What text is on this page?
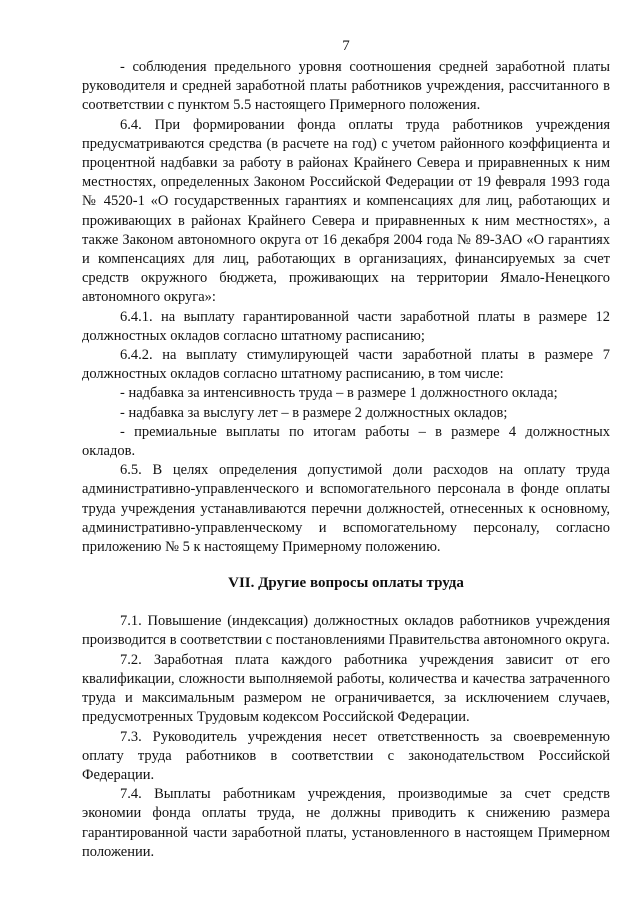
7

- соблюдения предельного уровня соотношения средней заработной платы руководителя и средней заработной платы работников учреждения, рассчитанного в соответствии с пунктом 5.5 настоящего Примерного положения.

6.4. При формировании фонда оплаты труда работников учреждения предусматриваются средства (в расчете на год) с учетом районного коэффициента и процентной надбавки за работу в районах Крайнего Севера и приравненных к ним местностях, определенных Законом Российской Федерации от 19 февраля 1993 года № 4520-1 «О государственных гарантиях и компенсациях для лиц, работающих и проживающих в районах Крайнего Севера и приравненных к ним местностях», а также Законом автономного округа от 16 декабря 2004 года № 89-ЗАО «О гарантиях и компенсациях для лиц, работающих в организациях, финансируемых за счет средств окружного бюджета, проживающих на территории Ямало-Ненецкого автономного округа»:

6.4.1. на выплату гарантированной части заработной платы в размере 12 должностных окладов согласно штатному расписанию;

6.4.2. на выплату стимулирующей части заработной платы в размере 7 должностных окладов согласно штатному расписанию, в том числе:

- надбавка за интенсивность труда – в размере 1 должностного оклада;

- надбавка за выслугу лет – в размере 2 должностных окладов;

- премиальные выплаты по итогам работы – в размере 4 должностных окладов.

6.5. В целях определения допустимой доли расходов на оплату труда административно-управленческого и вспомогательного персонала в фонде оплаты труда учреждения устанавливаются перечни должностей, отнесенных к основному, административно-управленческому и вспомогательному персоналу, согласно приложению № 5 к настоящему Примерному положению.

VII. Другие вопросы оплаты труда

7.1. Повышение (индексация) должностных окладов работников учреждения производится в соответствии с постановлениями Правительства автономного округа.

7.2. Заработная плата каждого работника учреждения зависит от его квалификации, сложности выполняемой работы, количества и качества затраченного труда и максимальным размером не ограничивается, за исключением случаев, предусмотренных Трудовым кодексом Российской Федерации.

7.3. Руководитель учреждения несет ответственность за своевременную оплату труда работников в соответствии с законодательством Российской Федерации.

7.4. Выплаты работникам учреждения, производимые за счет средств экономии фонда оплаты труда, не должны приводить к снижению размера гарантированной части заработной платы, установленного в настоящем Примерном положении.
